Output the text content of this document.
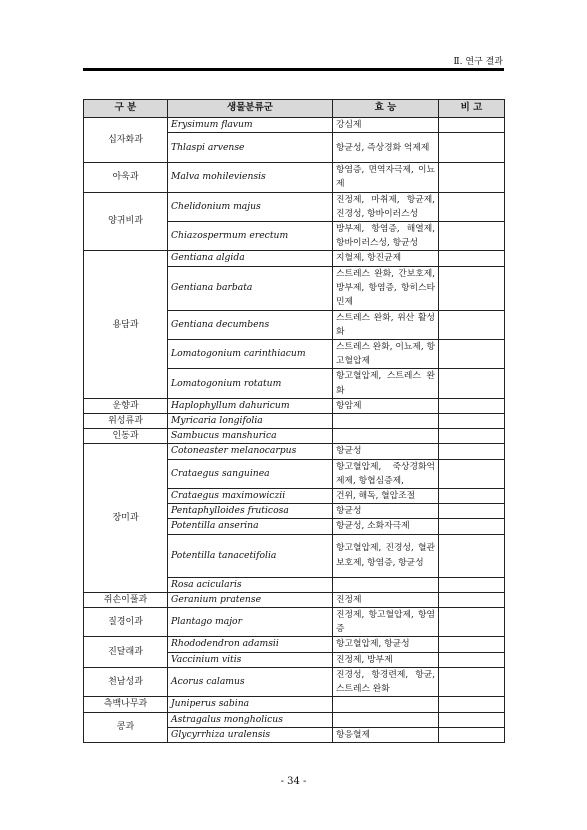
Ⅱ. 연구 결과
구 분	생물분류군	효 능	비 고
십자화과	Erysimum flavum	강심제	
	Thlaspi arvense	항균성, 즉상경화 억제제	
아욱과	Malva mohileviensis	항염증, 면역자극제, 이뇨제	
양귀비과	Chelidonium majus	진정제, 마취제, 항균제, 진경성, 항바이러스성	
	Chiazospermum erectum	방부제, 항염증, 해열제, 항바이러스성, 항균성	
용담과	Gentiana algida	지혈제, 항진균제	
	Gentiana barbata	스트레스 완화, 간보호제, 방부제, 항염증, 항히스타민제	
	Gentiana decumbens	스트레스 완화, 위산 활성화	
	Lomatogonium carinthiacum	스트레스 완화, 이뇨제, 항고혈압제	
	Lomatogonium rotatum	항고혈압제, 스트레스 완화	
운향과	Haplophyllum dahuricum	항암제	
위성류과	Myricaria longifolia		
인동과	Sambucus manshurica		
장미과	Cotoneaster melanocarpus	항균성	
	Crataegus sanguinea	항고혈압제, 죽상경화억제제, 항협심증제,	
	Crataegus maximowiczii	건위, 해독, 혈압조절	
	Pentaphylloides fruticosa	항균성	
	Potentilla anserina	항균성, 소화자극제	
	Potentilla tanacetifolia	항고혈압제, 진경성, 혈관보호제, 항염증, 항균성	
	Rosa acicularis		
쥐손이풀과	Geranium pratense	진정제	
질경이과	Plantago major	진정제, 항고혈압제, 항염증	
진달래과	Rhododendron adamsii	항고혈압제, 항균성	
	Vaccinium vitis	진정제, 방부제	
천남성과	Acorus calamus	진경성, 항경련제, 항균, 스트레스 완화	
측백나무과	Juniperus sabina		
콩과	Astragalus mongholicus		
	Glycyrrhiza uralensis	항응혈제	
- 34 -
